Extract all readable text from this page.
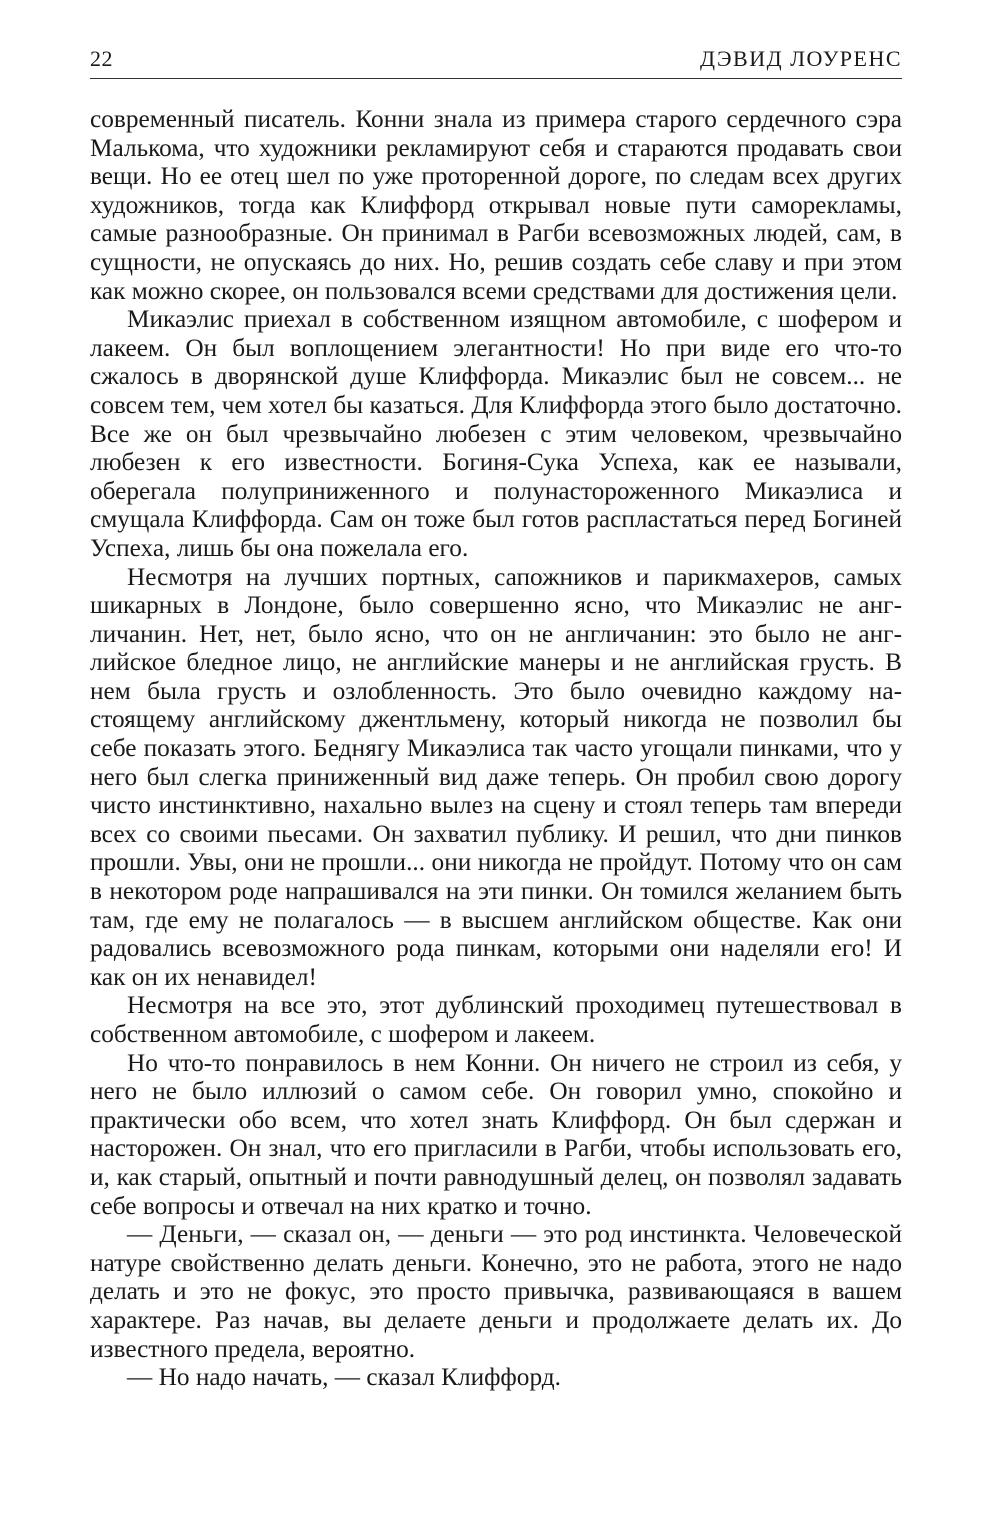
22	ДЭВИД ЛОУРЕНС

современный писатель. Конни знала из примера старого сердечного сэра Малькома, что художники рекламируют себя и стараются продавать свои вещи. Но ее отец шел по уже проторенной дороге, по следам всех других художников, тогда как Клиффорд открывал новые пути саморекламы, самые разнообразные. Он принимал в Рагби всевозможных людей, сам, в сущности, не опускаясь до них. Но, решив создать себе славу и при этом как можно скорее, он пользовался всеми средствами для достижения цели.

Микаэлис приехал в собственном изящном автомобиле, с шофером и лакеем. Он был воплощением элегантности! Но при виде его что-то сжалось в дворянской душе Клиффорда. Микаэлис был не совсем... не совсем тем, чем хотел бы казаться. Для Клиффорда этого было достаточно. Все же он был чрезвычайно любезен с этим человеком, чрезвычайно любезен к его известности. Богиня-Сука Успеха, как ее называли, оберегала полуприниженного и полунастороженного Микаэлиса и смущала Клиффорда. Сам он тоже был готов распластаться перед Богиней Успеха, лишь бы она пожелала его.

Несмотря на лучших портных, сапожников и парикмахеров, самых шикарных в Лондоне, было совершенно ясно, что Микаэлис не англичанин. Нет, нет, было ясно, что он не англичанин: это было не английское бледное лицо, не английские манеры и не английская грусть. В нем была грусть и озлобленность. Это было очевидно каждому настоящему английскому джентльмену, который никогда не позволил бы себе показать этого. Беднягу Микаэлиса так часто угощали пинками, что у него был слегка приниженный вид даже теперь. Он пробил свою дорогу чисто инстинктивно, нахально вылез на сцену и стоял теперь там впереди всех со своими пьесами. Он захватил публику. И решил, что дни пинков прошли. Увы, они не прошли... они никогда не пройдут. Потому что он сам в некотором роде напрашивался на эти пинки. Он томился желанием быть там, где ему не полагалось — в высшем английском обществе. Как они радовались всевозможного рода пинкам, которыми они наделяли его! И как он их ненавидел!

Несмотря на все это, этот дублинский проходимец путешествовал в собственном автомобиле, с шофером и лакеем.

Но что-то понравилось в нем Конни. Он ничего не строил из себя, у него не было иллюзий о самом себе. Он говорил умно, спокойно и практически обо всем, что хотел знать Клиффорд. Он был сдержан и насторожен. Он знал, что его пригласили в Рагби, чтобы использовать его, и, как старый, опытный и почти равнодушный делец, он позволял задавать себе вопросы и отвечал на них кратко и точно.

— Деньги, — сказал он, — деньги — это род инстинкта. Человеческой натуре свойственно делать деньги. Конечно, это не работа, этого не надо делать и это не фокус, это просто привычка, развивающаяся в вашем характере. Раз начав, вы делаете деньги и продолжаете делать их. До известного предела, вероятно.

— Но надо начать, — сказал Клиффорд.
